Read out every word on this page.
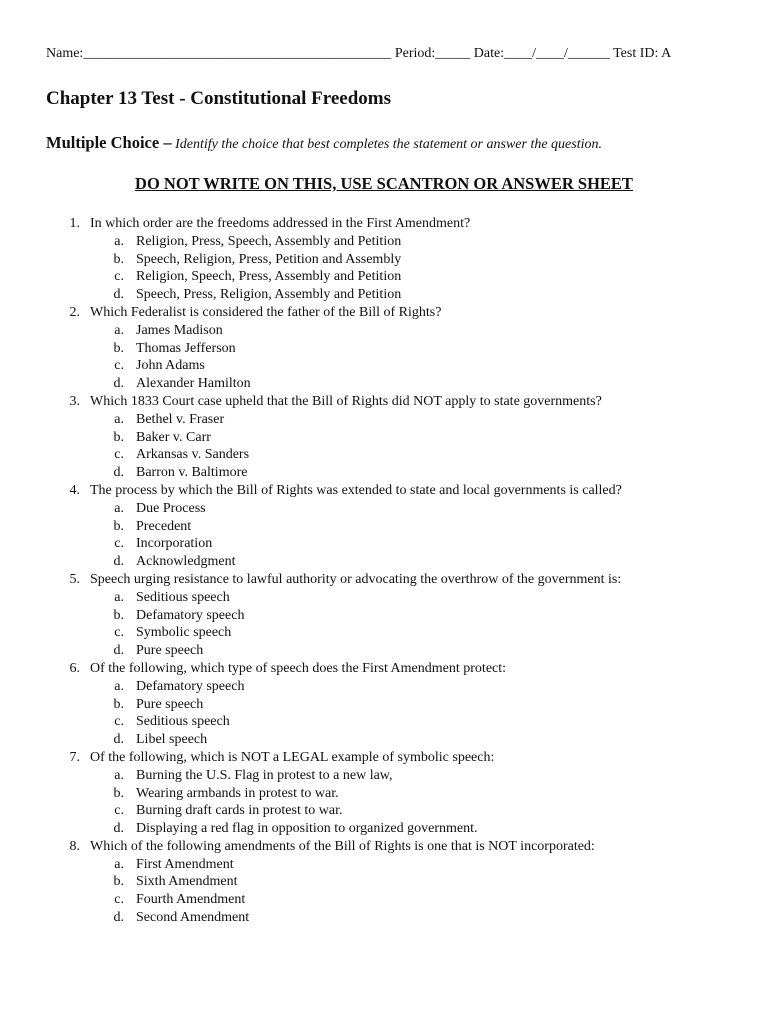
Name:____________________________________________ Period:_____ Date:____/____/______ Test ID: A
Chapter 13 Test - Constitutional Freedoms
Multiple Choice – Identify the choice that best completes the statement or answer the question.
DO NOT WRITE ON THIS, USE SCANTRON OR ANSWER SHEET
1. In which order are the freedoms addressed in the First Amendment?
a. Religion, Press, Speech, Assembly and Petition
b. Speech, Religion, Press, Petition and Assembly
c. Religion, Speech, Press, Assembly and Petition
d. Speech, Press, Religion, Assembly and Petition
2. Which Federalist is considered the father of the Bill of Rights?
a. James Madison
b. Thomas Jefferson
c. John Adams
d. Alexander Hamilton
3. Which 1833 Court case upheld that the Bill of Rights did NOT apply to state governments?
a. Bethel v. Fraser
b. Baker v. Carr
c. Arkansas v. Sanders
d. Barron v. Baltimore
4. The process by which the Bill of Rights was extended to state and local governments is called?
a. Due Process
b. Precedent
c. Incorporation
d. Acknowledgment
5. Speech urging resistance to lawful authority or advocating the overthrow of the government is:
a. Seditious speech
b. Defamatory speech
c. Symbolic speech
d. Pure speech
6. Of the following, which type of speech does the First Amendment protect:
a. Defamatory speech
b. Pure speech
c. Seditious speech
d. Libel speech
7. Of the following, which is NOT a LEGAL example of symbolic speech:
a. Burning the U.S. Flag in protest to a new law,
b. Wearing armbands in protest to war.
c. Burning draft cards in protest to war.
d. Displaying a red flag in opposition to organized government.
8. Which of the following amendments of the Bill of Rights is one that is NOT incorporated:
a. First Amendment
b. Sixth Amendment
c. Fourth Amendment
d. Second Amendment
